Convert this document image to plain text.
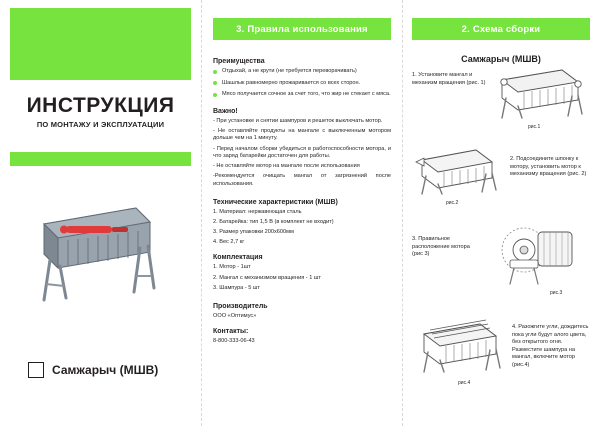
ИНСТРУКЦИЯ
ПО МОНТАЖУ И ЭКСПЛУАТАЦИИ
Самжарыч (МШВ)
3. Правила использования

Преимущества

Отдыхай, а не крути (не требуется переворачивать)

Шашлык равномерно прожаривается со всех сторон.

Мясо получается сочное за счет того, что жир не стекает с мяса.

Важно!

- При установке и снятии шампуров и решеток выключать мотор.

- Не оставляйте продукты на мангале с выключенным мотором дольше чем на 1 минуту.

- Перед началом сборки убедиться в работоспособности мотора, и что заряд батарейки достаточен для работы.

- Не оставляйте мотор на мангале после использования

-Рекомендуется очищать мангал от загрязнений после использования.

Технические характеристики (МШВ)

1. Материал: нержавеющая сталь

2. Батарейка: тип 1,5 В (в комплект не входит)

3. Размер упаковки 200х600мм

4. Вес 2,7 кг

Комплектация

1. Мотор - 1шт

2. Мангал с механизмом вращения - 1 шт

3. Шампура - 5 шт

Производитель

ООО «Оптимус»

Контакты:

8-800-333-06-43

2. Схема сборки
Самжарыч (МШВ)
1. Установите мангал и механизм вращения (рис. 1)
рис.1
рис.2
2. Подсоедините шпонку к мотору, установить мотор к механизму вращения (рис. 2)
3. Правильное расположение мотора (рис 3)
рис.3
рис.4
4. Разожгите угли, дождитесь пока угли будут алого цвета, без открытого огня. Разместите шампура на мангал, включите мотор (рис.4)
